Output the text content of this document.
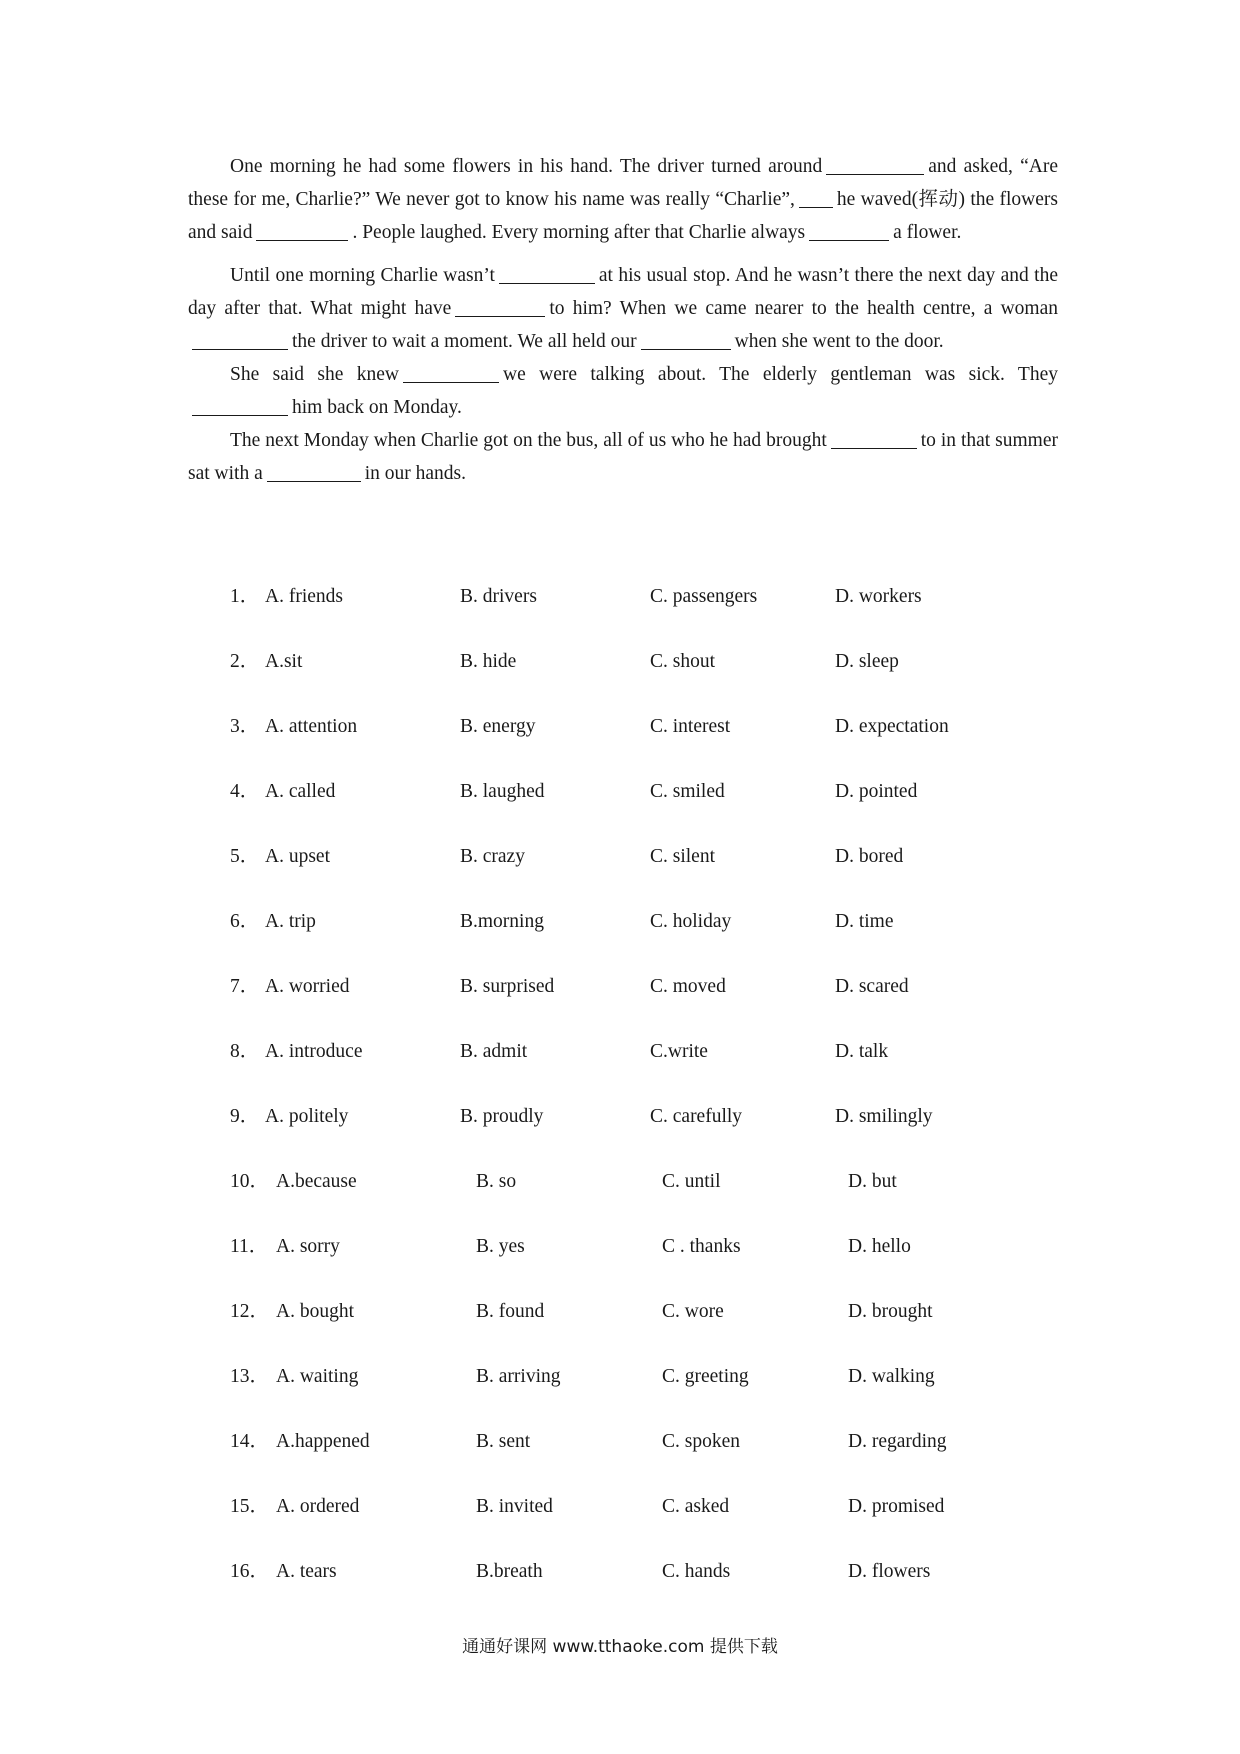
One morning he had some flowers in his hand. The driver turned around	and asked, “Are these for me, Charlie?” We never got to know his name was really “Charlie”, he waved(挥动) the flowers and said	. People laughed. Every morning after that Charlie always	a flower.

Until one morning Charlie wasn’t	at his usual stop. And he wasn’t there the next day and the day after that. What might have	to him? When we came nearer to the health centre, a womanthe driver to wait a moment. We all held our	when she went to the door.

She said she knew	we were talking about. The elderly gentleman was sick. Theyhim back on Monday.

The next Monday when Charlie got on the bus, all of us who he had brought	to in that summer sat with a	in our hands.

1． A. friends	B. drivers	C. passengers	D. workers
2． A.sit	B. hide	C. shout	D. sleep
3． A. attention	B. energy	C. interest	D. expectation
4． A. called	B. laughed	C. smiled	D. pointed
5． A. upset	B. crazy	C. silent	D. bored
6． A. trip	B.morning	C. holiday	D. time
7． A. worried	B. surprised	C. moved	D. scared
8． A. introduce	B. admit	C.write	D. talk
9． A. politely	B. proudly	C. carefully	D. smilingly
10． A.because	B. so	C. until	D. but
11． A. sorry	B. yes	C . thanks	D. hello
12． A. bought	B. found	C. wore	D. brought
13． A. waiting	B. arriving	C. greeting	D. walking
14． A.happened	B. sent	C. spoken	D. regarding
15． A. ordered	B. invited	C. asked	D. promised
16． A. tears	B.breath	C. hands	D. flowers
通通好课网 www.tthaoke.com 提供下载
